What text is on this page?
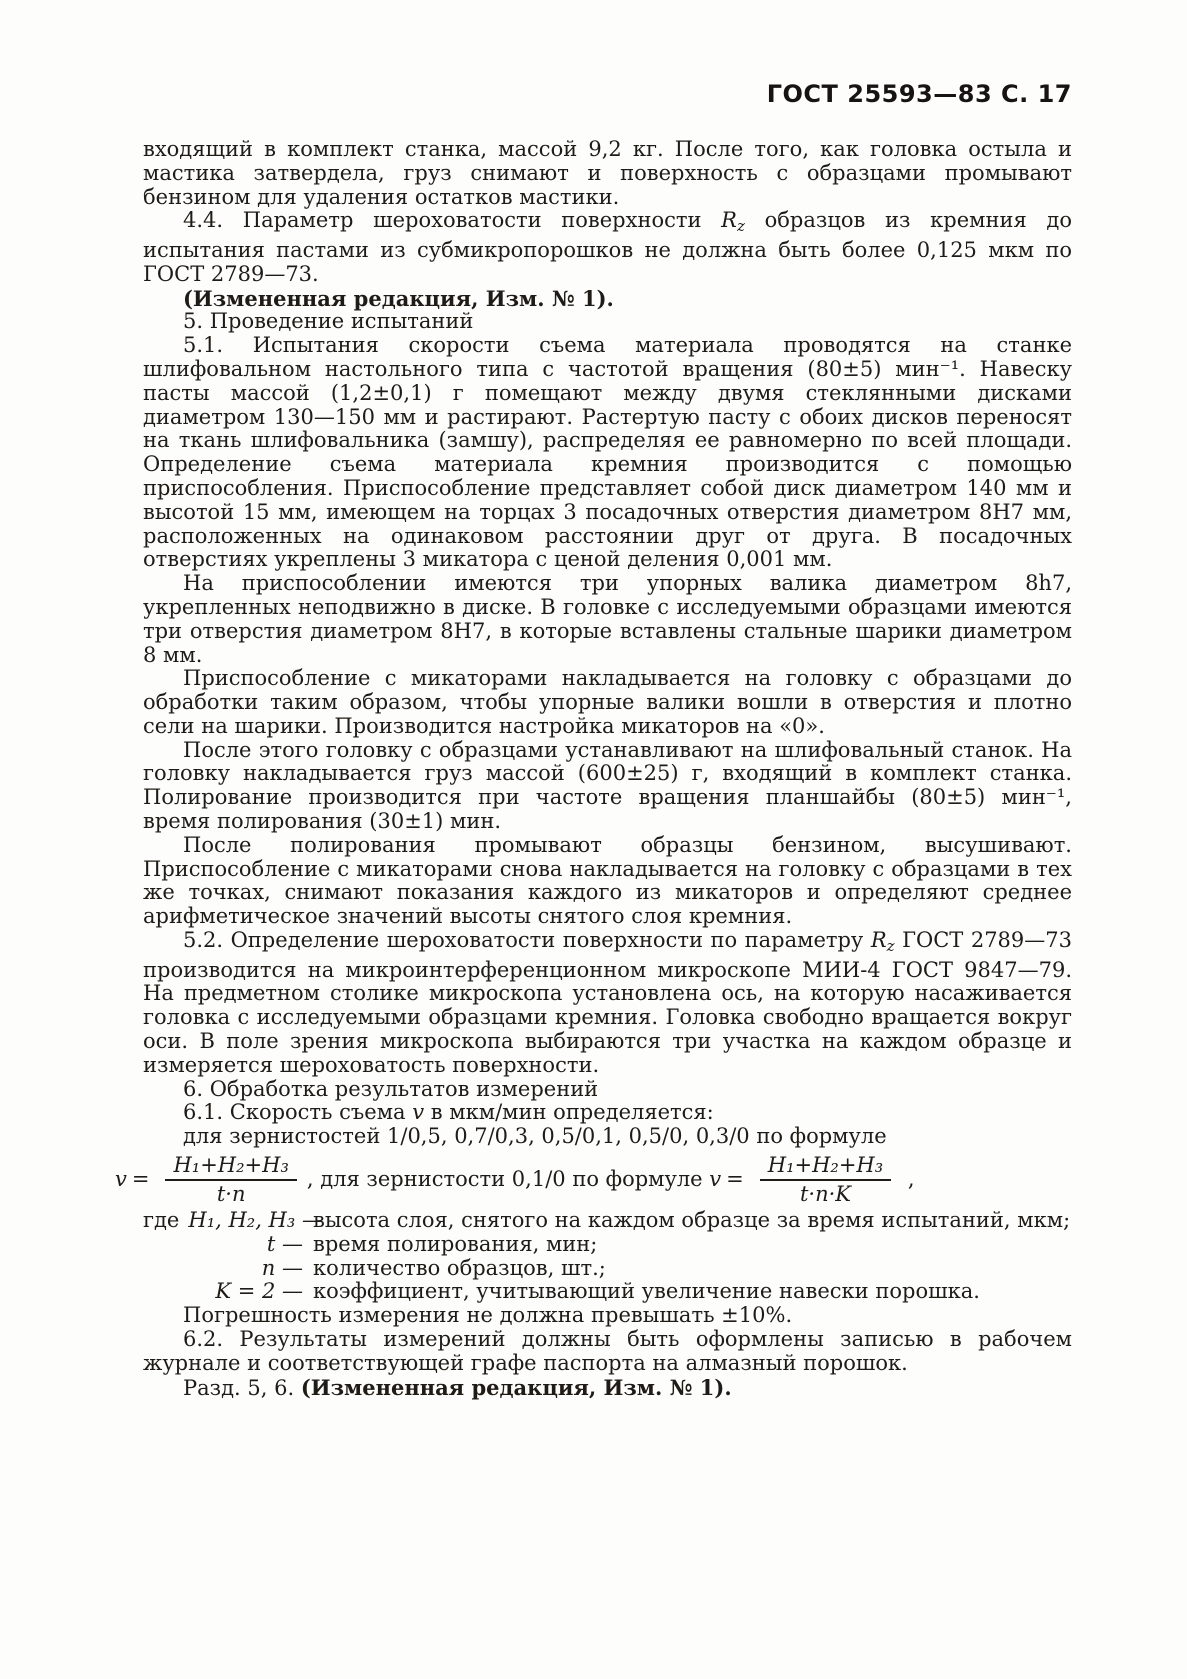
ГОСТ 25593—83 С. 17

входящий в комплект станка, массой 9,2 кг. После того, как головка остыла и мастика затвердела, груз снимают и поверхность с образцами промывают бензином для удаления остатков мастики.

4.4. Параметр шероховатости поверхности $R_z$ образцов из кремния до испытания пастами из субмикропорошков не должна быть более 0,125 мкм по ГОСТ 2789—73.

(Измененная редакция, Изм. № 1).

5. Проведение испытаний

5.1. Испытания скорости съема материала проводятся на станке шлифовальном настольного типа с частотой вращения (80±5) мин⁻¹. Навеску пасты массой (1,2±0,1) г помещают между двумя стеклянными дисками диаметром 130—150 мм и растирают. Растертую пасту с обоих дисков переносят на ткань шлифовальника (замшу), распределяя ее равномерно по всей площади. Определение съема материала кремния производится с помощью приспособления. Приспособление представляет собой диск диаметром 140 мм и высотой 15 мм, имеющем на торцах 3 посадочных отверстия диаметром 8Н7 мм, расположенных на одинаковом расстоянии друг от друга. В посадочных отверстиях укреплены 3 микатора с ценой деления 0,001 мм.

На приспособлении имеются три упорных валика диаметром 8h7, укрепленных неподвижно в диске. В головке с исследуемыми образцами имеются три отверстия диаметром 8Н7, в которые вставлены стальные шарики диаметром 8 мм.

Приспособление с микаторами накладывается на головку с образцами до обработки таким образом, чтобы упорные валики вошли в отверстия и плотно сели на шарики. Производится настройка микаторов на «0».

После этого головку с образцами устанавливают на шлифовальный станок. На головку накладывается груз массой (600±25) г, входящий в комплект станка. Полирование производится при частоте вращения планшайбы (80±5) мин⁻¹, время полирования (30±1) мин.

После полирования промывают образцы бензином, высушивают. Приспособление с микаторами снова накладывается на головку с образцами в тех же точках, снимают показания каждого из микаторов и определяют среднее арифметическое значений высоты снятого слоя кремния.

5.2. Определение шероховатости поверхности по параметру $R_z$ ГОСТ 2789—73 производится на микроинтерференционном микроскопе МИИ-4 ГОСТ 9847—79. На предметном столике микроскопа установлена ось, на которую насаживается головка с исследуемыми образцами кремния. Головка свободно вращается вокруг оси. В поле зрения микроскопа выбираются три участка на каждом образце и измеряется шероховатость поверхности.

6. Обработка результатов измерений

6.1. Скорость съема v в мкм/мин определяется:

для зернистостей 1/0,5, 0,7/0,3, 0,5/0,1, 0,5/0, 0,3/0 по формуле

$v = \frac{\text{H₁+H₂+H₃}}{t\cdot n}$ , для зернистости 0,1/0 по формуле $v = \frac{\text{H₁+H₂+H₃}}{t\cdot n\cdot K}$ ,
где H₁, H₂, H₃ —
высота слоя, снятого на каждом образце за время испытаний, мкм;
t — время полирования, мин;
n — количество образцов, шт.;
K = 2 — коэффициент, учитывающий увеличение навески порошка.

Погрешность измерения не должна превышать ±10%.

6.2. Результаты измерений должны быть оформлены записью в рабочем журнале и соответствующей графе паспорта на алмазный порошок.

Разд. 5, 6. (Измененная редакция, Изм. № 1).
